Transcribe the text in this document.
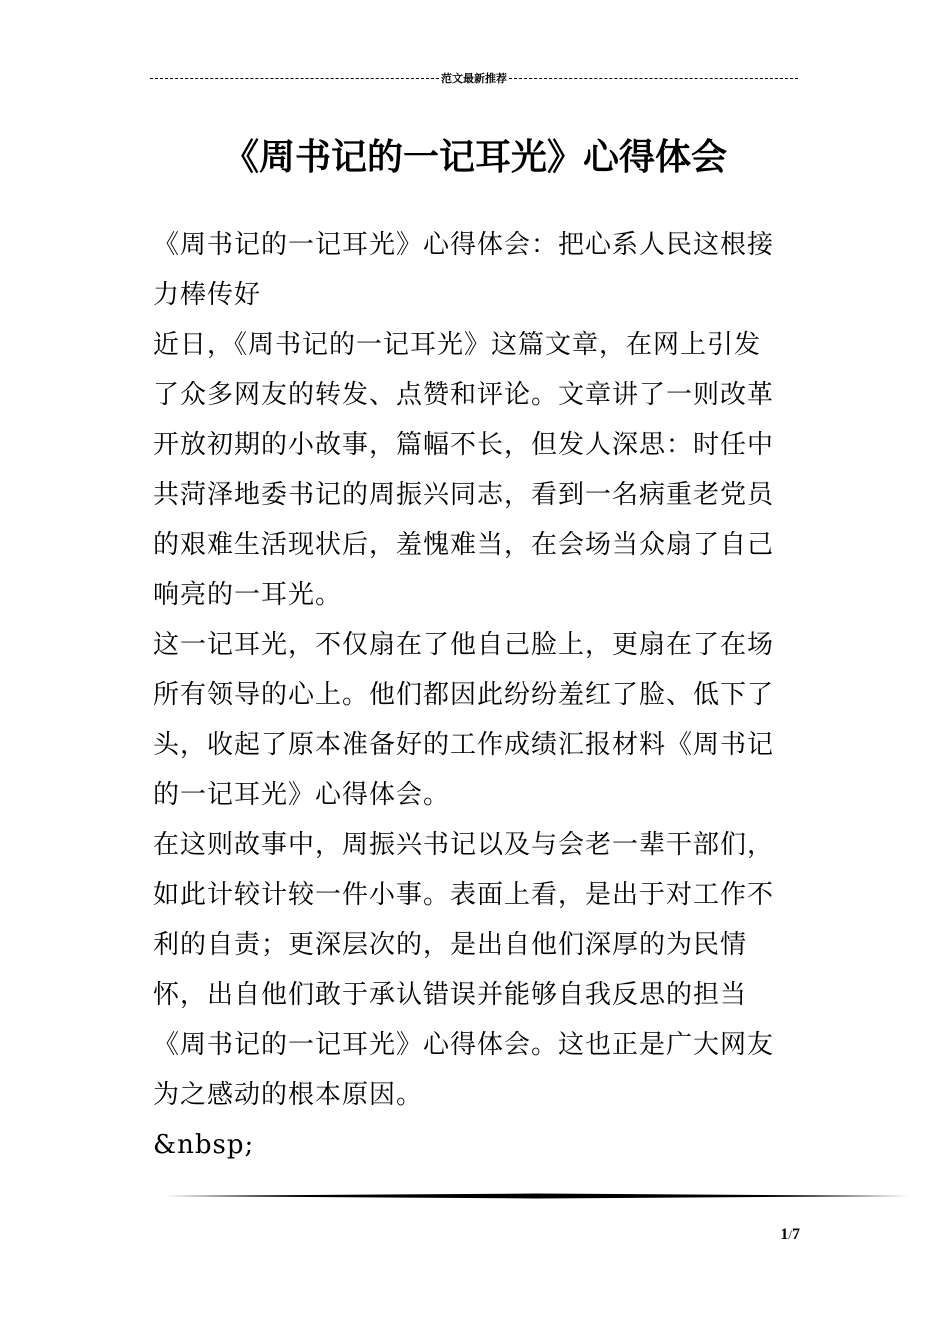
范文最新推荐
《周书记的一记耳光》心得体会

《周书记的一记耳光》心得体会：把心系人民这根接力棒传好

近日，《周书记的一记耳光》这篇文章，在网上引发了众多网友的转发、点赞和评论。文章讲了一则改革开放初期的小故事，篇幅不长，但发人深思：时任中共菏泽地委书记的周振兴同志，看到一名病重老党员的艰难生活现状后，羞愧难当，在会场当众扇了自己响亮的一耳光。

这一记耳光，不仅扇在了他自己脸上，更扇在了在场所有领导的心上。他们都因此纷纷羞红了脸、低下了头，收起了原本准备好的工作成绩汇报材料《周书记的一记耳光》心得体会。

在这则故事中，周振兴书记以及与会老一辈干部们，如此计较计较一件小事。表面上看，是出于对工作不利的自责；更深层次的，是出自他们深厚的为民情怀，出自他们敢于承认错误并能够自我反思的担当《周书记的一记耳光》心得体会。这也正是广大网友为之感动的根本原因。

&nbsp;

1/7
